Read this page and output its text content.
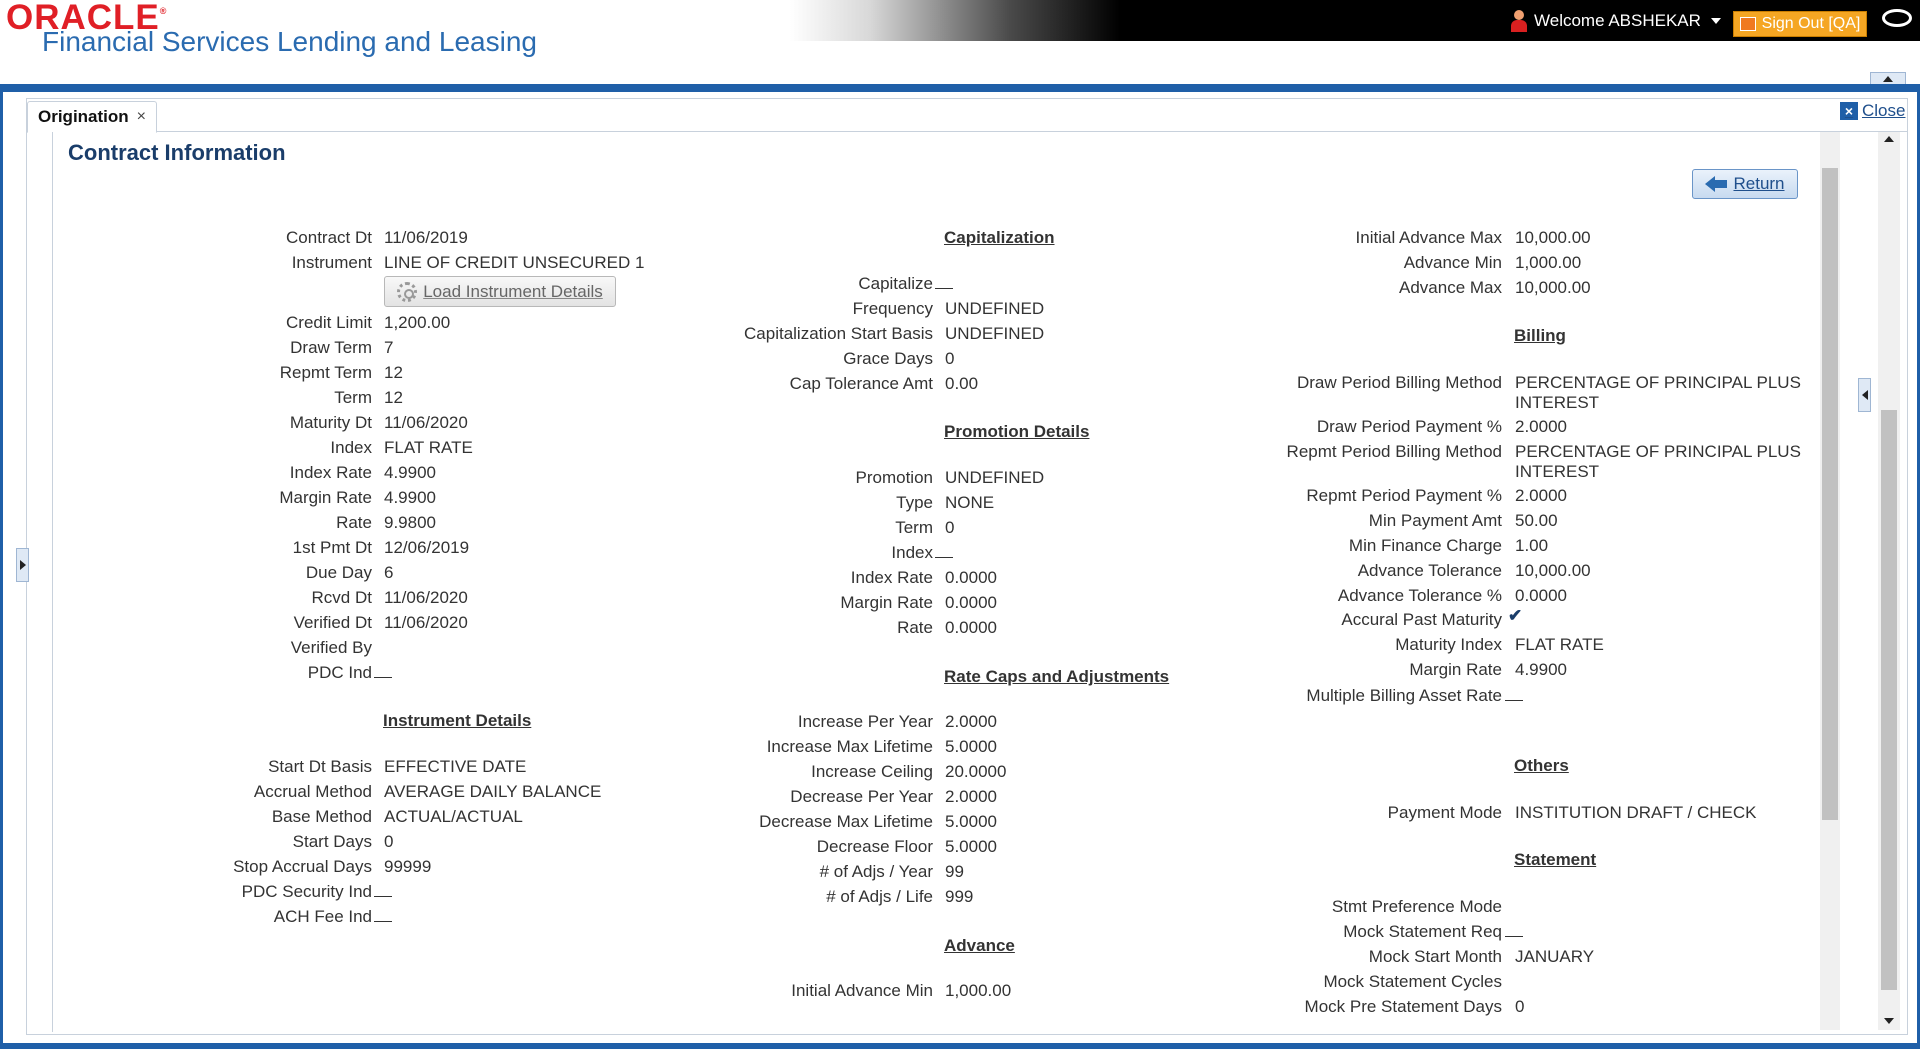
ORACLE®
Financial Services Lending and Leasing
Welcome ABSHEKAR	Sign Out [QA]
Origination ×	× Close
Contract Information
Return
Contract Dt 11/06/2019
Instrument LINE OF CREDIT UNSECURED 1
Credit Limit 1,200.00
Draw Term 7
Repmt Term 12
Term 12
Maturity Dt 11/06/2020
Index FLAT RATE
Index Rate 4.9900
Margin Rate 4.9900
Rate 9.9800
1st Pmt Dt 12/06/2019
Due Day 6
Rcvd Dt 11/06/2020
Verified Dt 11/06/2020
Verified By
PDC Ind
Load Instrument Details
Instrument Details
Start Dt Basis EFFECTIVE DATE
Accrual Method AVERAGE DAILY BALANCE
Base Method ACTUAL/ACTUAL
Start Days 0
Stop Accrual Days 99999
PDC Security Ind
ACH Fee Ind
Capitalization
Capitalize
Frequency UNDEFINED
Capitalization Start Basis UNDEFINED
Grace Days 0
Cap Tolerance Amt 0.00
Promotion Details
Promotion UNDEFINED
Type NONE
Term 0
Index
Index Rate 0.0000
Margin Rate 0.0000
Rate 0.0000
Rate Caps and Adjustments
Increase Per Year 2.0000
Increase Max Lifetime 5.0000
Increase Ceiling 20.0000
Decrease Per Year 2.0000
Decrease Max Lifetime 5.0000
Decrease Floor 5.0000
# of Adjs / Year 99
# of Adjs / Life 999
Advance
Initial Advance Min 1,000.00
Initial Advance Max 10,000.00
Advance Min 1,000.00
Advance Max 10,000.00
Billing
Draw Period Billing Method PERCENTAGE OF PRINCIPAL PLUS
INTEREST
Draw Period Payment % 2.0000
Repmt Period Billing Method PERCENTAGE OF PRINCIPAL PLUS
INTEREST
Repmt Period Payment % 2.0000
Min Payment Amt 50.00
Min Finance Charge 1.00
Advance Tolerance 10,000.00
Advance Tolerance % 0.0000
Accural Past Maturity ✔
Maturity Index FLAT RATE
Margin Rate 4.9900
Multiple Billing Asset Rate
Others
Payment Mode INSTITUTION DRAFT / CHECK
Statement
Stmt Preference Mode
Mock Statement Req
Mock Start Month JANUARY
Mock Statement Cycles
Mock Pre Statement Days 0
